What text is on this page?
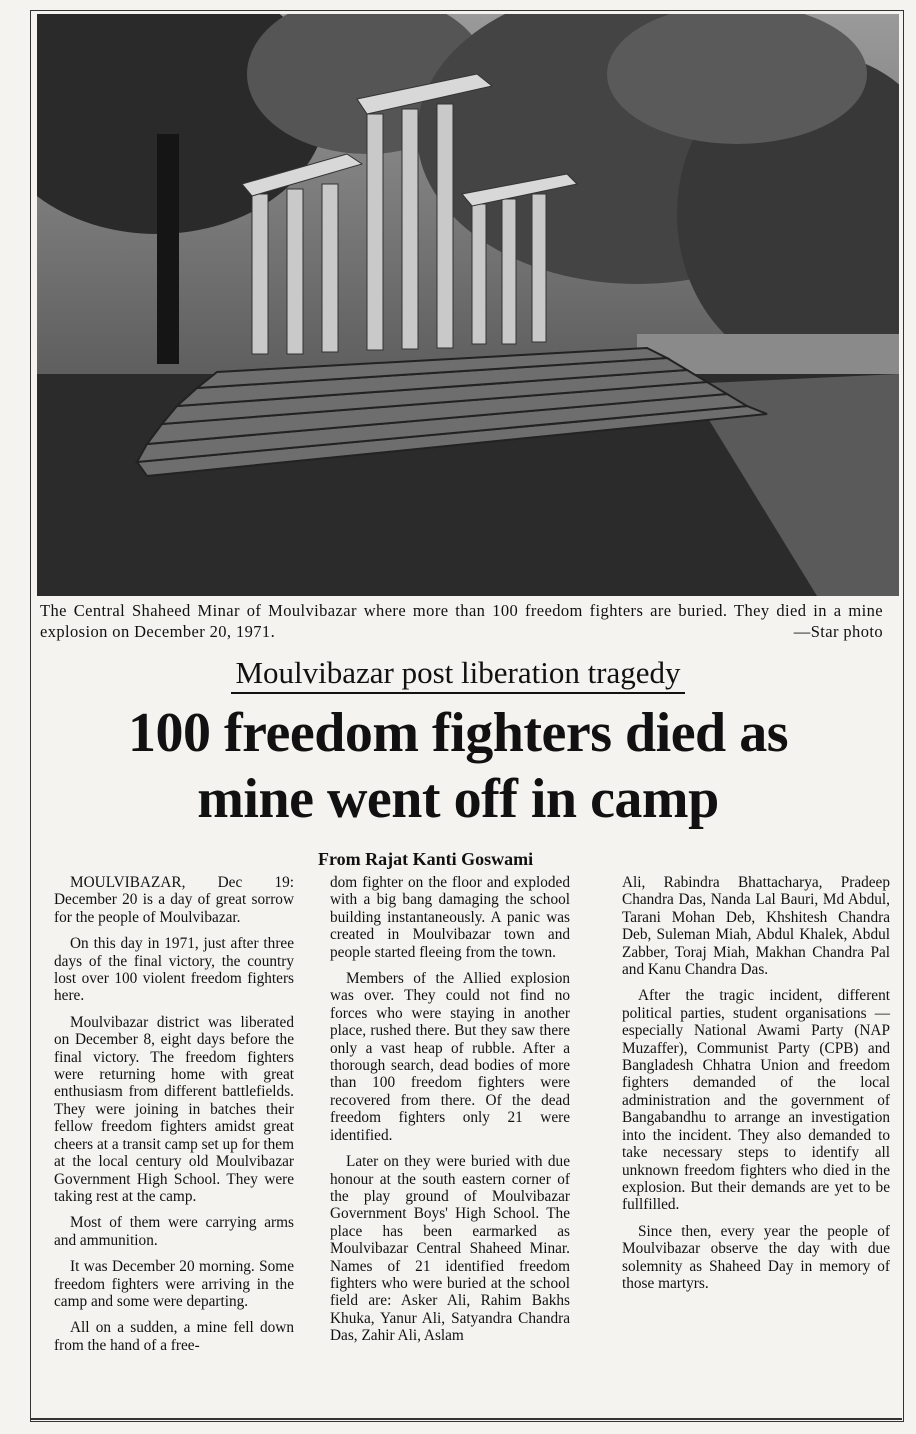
The Central Shaheed Minar of Moulvibazar where more than 100 freedom fighters are buried. They died in a mine explosion on December 20, 1971.	—Star photo
Moulvibazar post liberation tragedy
100 freedom fighters died as
mine went off in camp
From Rajat Kanti Goswami

MOULVIBAZAR, Dec 19: December 20 is a day of great sorrow for the people of Moulvibazar.

On this day in 1971, just after three days of the final victory, the country lost over 100 violent freedom fighters here.

Moulvibazar district was liberated on December 8, eight days before the final victory. The freedom fighters were returning home with great enthusiasm from different battlefields. They were joining in batches their fellow freedom fighters amidst great cheers at a transit camp set up for them at the local century old Moulvibazar Government High School. They were taking rest at the camp.

Most of them were carrying arms and ammunition.

It was December 20 morning. Some freedom fighters were arriving in the camp and some were departing.

All on a sudden, a mine fell down from the hand of a free-

dom fighter on the floor and exploded with a big bang damaging the school building instantaneously. A panic was created in Moulvibazar town and people started fleeing from the town.

Members of the Allied explosion was over. They could not find no forces who were staying in another place, rushed there. But they saw there only a vast heap of rubble. After a thorough search, dead bodies of more than 100 freedom fighters were recovered from there. Of the dead freedom fighters only 21 were identified.

Later on they were buried with due honour at the south eastern corner of the play ground of Moulvibazar Government Boys' High School. The place has been earmarked as Moulvibazar Central Shaheed Minar. Names of 21 identified freedom fighters who were buried at the school field are: Asker Ali, Rahim Bakhs Khuka, Yanur Ali, Satyandra Chandra Das, Zahir Ali, Aslam

Ali, Rabindra Bhattacharya, Pradeep Chandra Das, Nanda Lal Bauri, Md Abdul, Tarani Mohan Deb, Khshitesh Chandra Deb, Suleman Miah, Abdul Khalek, Abdul Zabber, Toraj Miah, Makhan Chandra Pal and Kanu Chandra Das.

After the tragic incident, different political parties, student organisations — especially National Awami Party (NAP Muzaffer), Communist Party (CPB) and Bangladesh Chhatra Union and freedom fighters demanded of the local administration and the government of Bangabandhu to arrange an investigation into the incident. They also demanded to take necessary steps to identify all unknown freedom fighters who died in the explosion. But their demands are yet to be fullfilled.

Since then, every year the people of Moulvibazar observe the day with due solemnity as Shaheed Day in memory of those martyrs.
